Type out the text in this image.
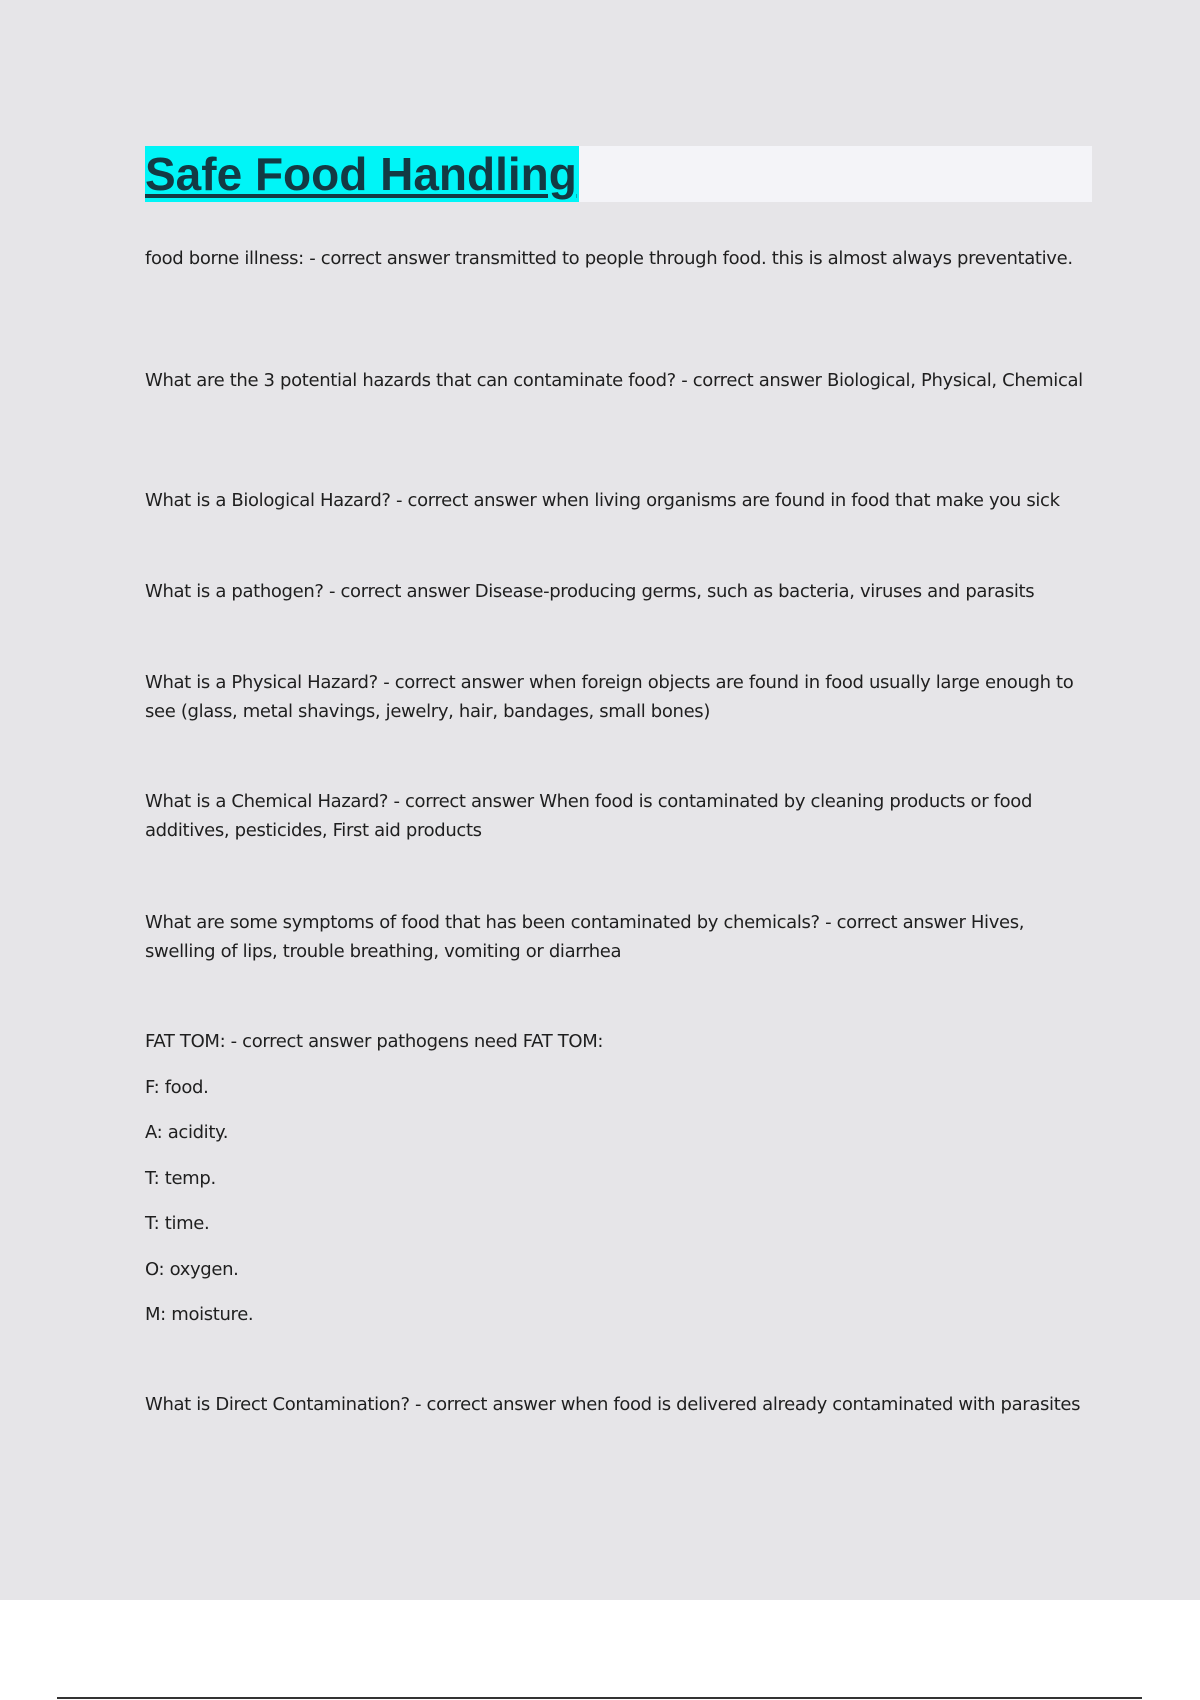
Safe Food Handling

food borne illness: - correct answer transmitted to people through food. this is almost always preventative.

What are the 3 potential hazards that can contaminate food? - correct answer Biological, Physical, Chemical

What is a Biological Hazard? - correct answer when living organisms are found in food that make you sick

What is a pathogen? - correct answer Disease-producing germs, such as bacteria, viruses and parasits

What is a Physical Hazard? - correct answer when foreign objects are found in food usually large enough to see (glass, metal shavings, jewelry, hair, bandages, small bones)

What is a Chemical Hazard? - correct answer When food is contaminated by cleaning products or food additives, pesticides, First aid products

What are some symptoms of food that has been contaminated by chemicals? - correct answer Hives, swelling of lips, trouble breathing, vomiting or diarrhea

FAT TOM: - correct answer pathogens need FAT TOM:

F: food.

A: acidity.

T: temp.

T: time.

O: oxygen.

M: moisture.

What is Direct Contamination? - correct answer when food is delivered already contaminated with parasites
